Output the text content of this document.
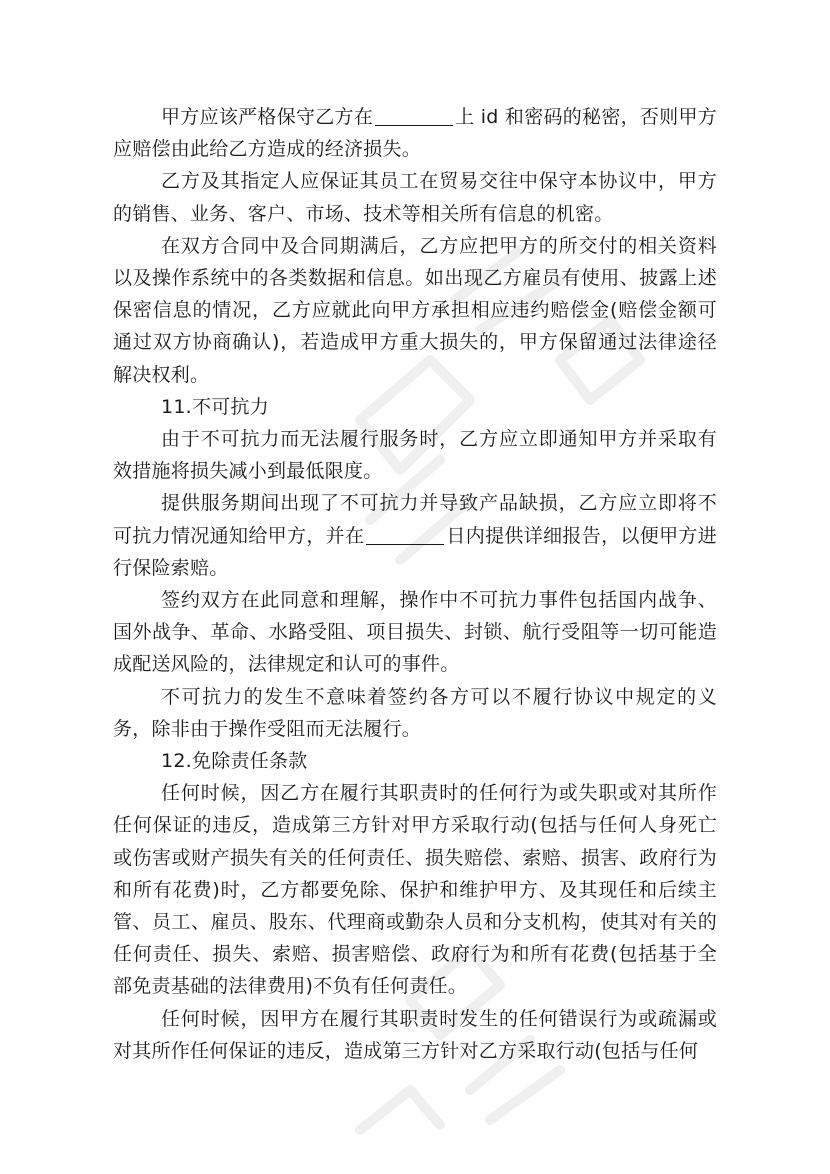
甲方应该严格保守乙方在	上 id 和密码的秘密，否则甲方应赔偿由此给乙方造成的经济损失。

乙方及其指定人应保证其员工在贸易交往中保守本协议中，甲方的销售、业务、客户、市场、技术等相关所有信息的机密。

在双方合同中及合同期满后，乙方应把甲方的所交付的相关资料以及操作系统中的各类数据和信息。如出现乙方雇员有使用、披露上述保密信息的情况，乙方应就此向甲方承担相应违约赔偿金(赔偿金额可通过双方协商确认)，若造成甲方重大损失的，甲方保留通过法律途径解决权利。

11.不可抗力

由于不可抗力而无法履行服务时，乙方应立即通知甲方并采取有效措施将损失减小到最低限度。

提供服务期间出现了不可抗力并导致产品缺损，乙方应立即将不可抗力情况通知给甲方，并在	日内提供详细报告，以便甲方进行保险索赔。

签约双方在此同意和理解，操作中不可抗力事件包括国内战争、国外战争、革命、水路受阻、项目损失、封锁、航行受阻等一切可能造成配送风险的，法律规定和认可的事件。

不可抗力的发生不意味着签约各方可以不履行协议中规定的义务，除非由于操作受阻而无法履行。

12.免除责任条款

任何时候，因乙方在履行其职责时的任何行为或失职或对其所作任何保证的违反，造成第三方针对甲方采取行动(包括与任何人身死亡或伤害或财产损失有关的任何责任、损失赔偿、索赔、损害、政府行为和所有花费)时，乙方都要免除、保护和维护甲方、及其现任和后续主管、员工、雇员、股东、代理商或勤杂人员和分支机构，使其对有关的任何责任、损失、索赔、损害赔偿、政府行为和所有花费(包括基于全部免责基础的法律费用)不负有任何责任。

任何时候，因甲方在履行其职责时发生的任何错误行为或疏漏或对其所作任何保证的违反，造成第三方针对乙方采取行动(包括与任何
